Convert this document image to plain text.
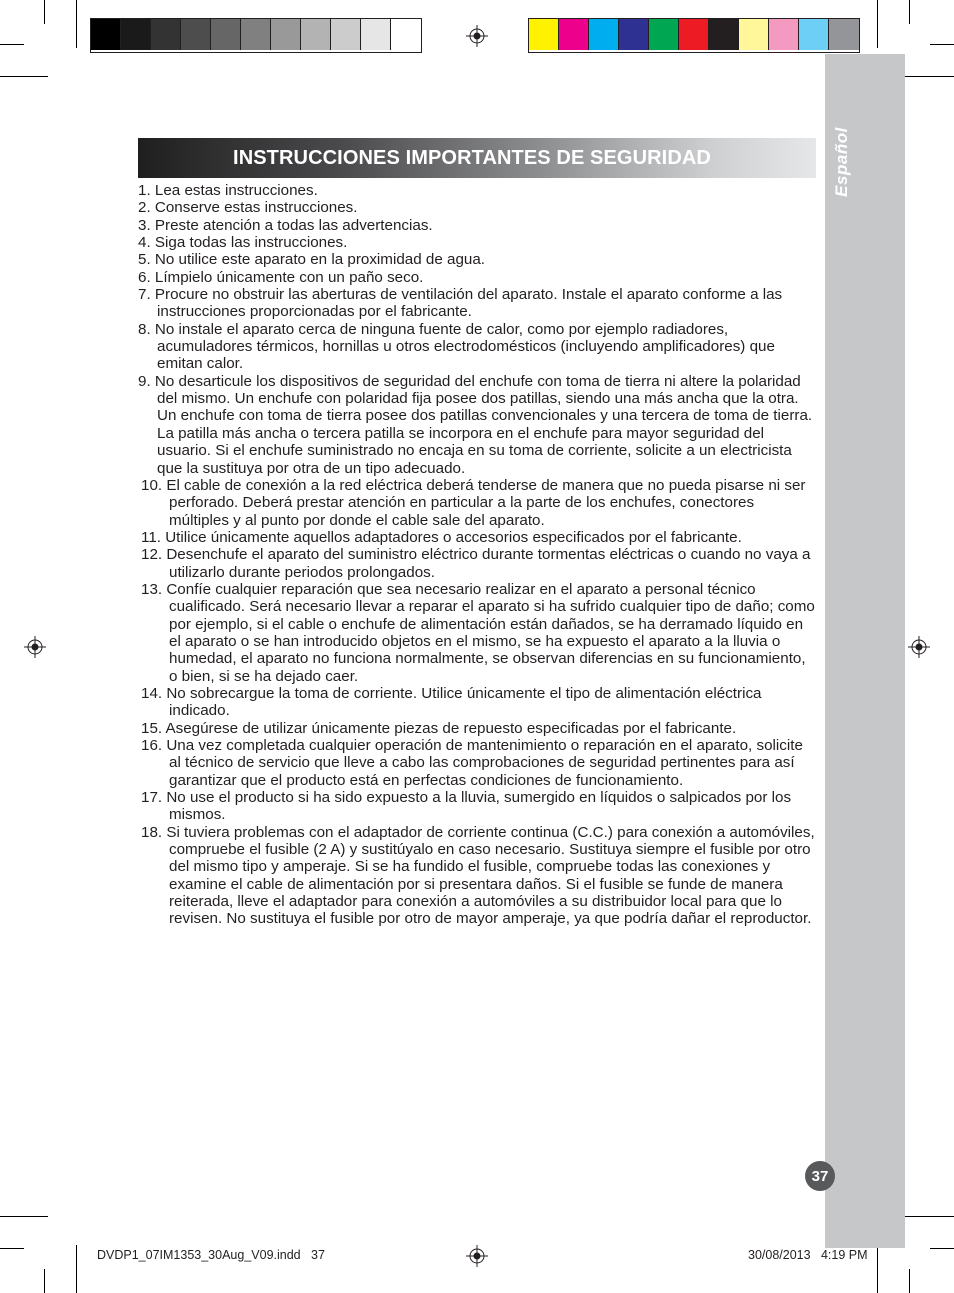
Español
INSTRUCCIONES IMPORTANTES DE SEGURIDAD
1. Lea estas instrucciones.
2. Conserve estas instrucciones.
3. Preste atención a todas las advertencias.
4. Siga todas las instrucciones.
5. No utilice este aparato en la proximidad de agua.
6. Límpielo únicamente con un paño seco.
7. Procure no obstruir las aberturas de ventilación del aparato. Instale el aparato conforme a las instrucciones proporcionadas por el fabricante.
8. No instale el aparato cerca de ninguna fuente de calor, como por ejemplo radiadores, acumuladores térmicos, hornillas u otros electrodomésticos (incluyendo amplificadores) que emitan calor.
9. No desarticule los dispositivos de seguridad del enchufe con toma de tierra ni altere la polaridad del mismo. Un enchufe con polaridad fija posee dos patillas, siendo una más ancha que la otra. Un enchufe con toma de tierra posee dos patillas convencionales y una tercera de toma de tierra. La patilla más ancha o tercera patilla se incorpora en el enchufe para mayor seguridad del usuario. Si el enchufe suministrado no encaja en su toma de corriente, solicite a un electricista que la sustituya por otra de un tipo adecuado.
10. El cable de conexión a la red eléctrica deberá tenderse de manera que no pueda pisarse ni ser perforado. Deberá prestar atención en particular a la parte de los enchufes, conectores múltiples y al punto por donde el cable sale del aparato.
11. Utilice únicamente aquellos adaptadores o accesorios especificados por el fabricante.
12. Desenchufe el aparato del suministro eléctrico durante tormentas eléctricas o cuando no vaya a utilizarlo durante periodos prolongados.
13. Confíe cualquier reparación que sea necesario realizar en el aparato a personal técnico cualificado. Será necesario llevar a reparar el aparato si ha sufrido cualquier tipo de daño; como por ejemplo, si el cable o enchufe de alimentación están dañados, se ha derramado líquido en el aparato o se han introducido objetos en el mismo, se ha expuesto el aparato a la lluvia o humedad, el aparato no funciona normalmente, se observan diferencias en su funcionamiento, o bien, si se ha dejado caer.
14. No sobrecargue la toma de corriente. Utilice únicamente el tipo de alimentación eléctrica indicado.
15. Asegúrese de utilizar únicamente piezas de repuesto especificadas por el fabricante.
16. Una vez completada cualquier operación de mantenimiento o reparación en el aparato, solicite al técnico de servicio que lleve a cabo las comprobaciones de seguridad pertinentes para así garantizar que el producto está en perfectas condiciones de funcionamiento.
17. No use el producto si ha sido expuesto a la lluvia, sumergido en líquidos o salpicados por los mismos.
18. Si tuviera problemas con el adaptador de corriente continua (C.C.) para conexión a automóviles, compruebe el fusible (2 A) y sustitúyalo en caso necesario. Sustituya siempre el fusible por otro del mismo tipo y amperaje. Si se ha fundido el fusible, compruebe todas las conexiones y examine el cable de alimentación por si presentara daños. Si el fusible se funde de manera reiterada, lleve el adaptador para conexión a automóviles a su distribuidor local para que lo revisen. No sustituya el fusible por otro de mayor amperaje, ya que podría dañar el reproductor.
37
DVDP1_07IM1353_30Aug_V09.indd   37	30/08/2013   4:19 PM
